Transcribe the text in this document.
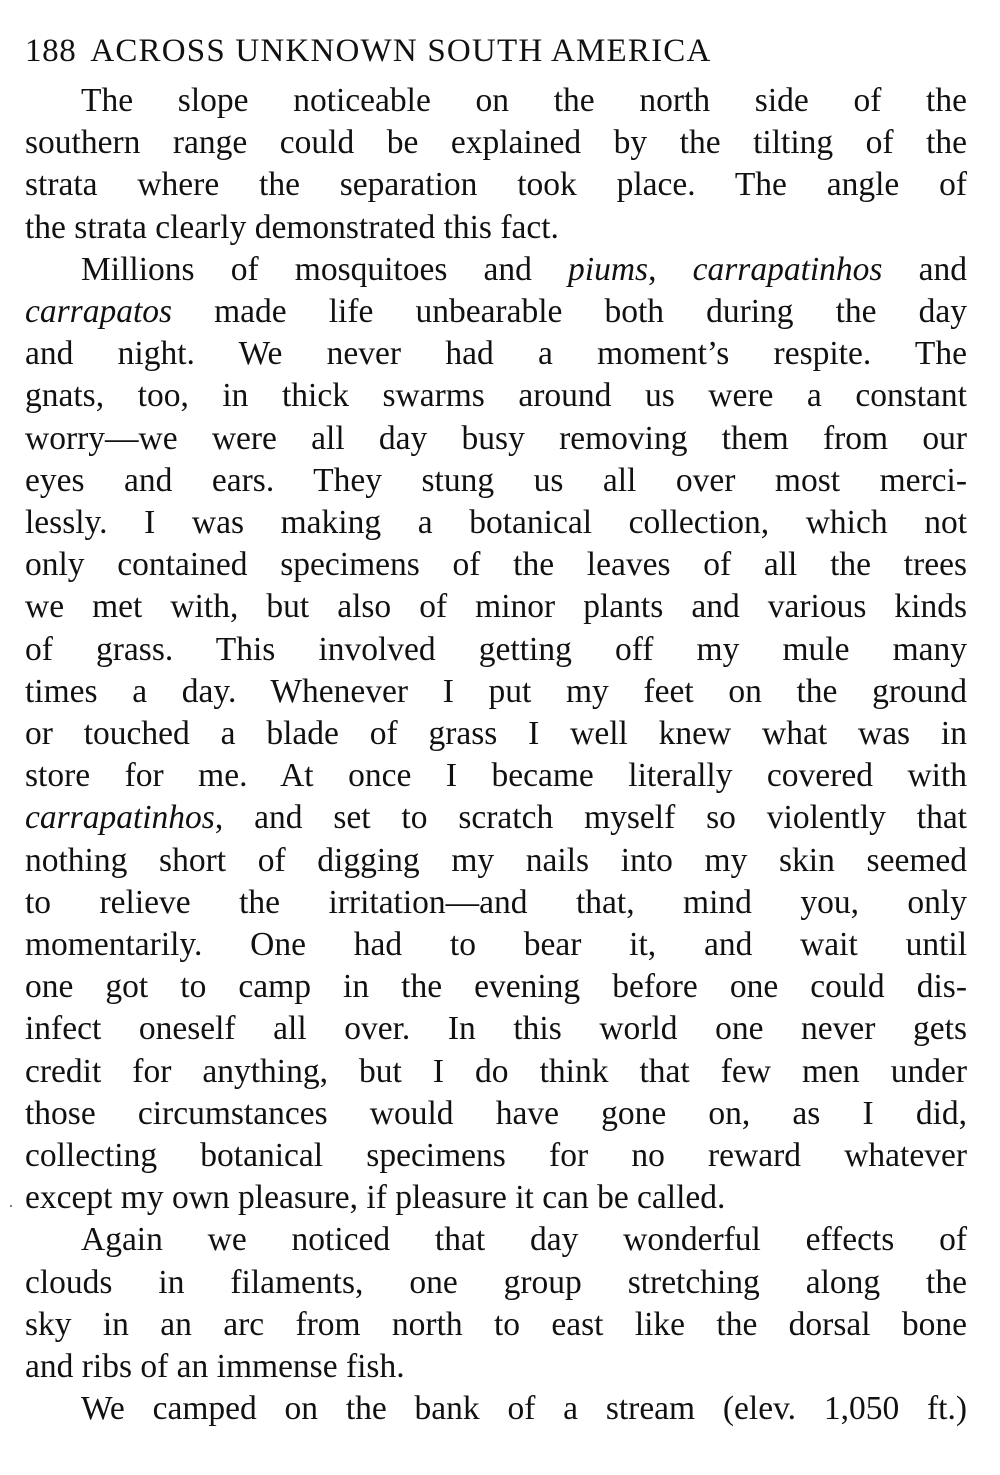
188 ACROSS UNKNOWN SOUTH AMERICA
The slope noticeable on the north side of the
southern range could be explained by the tilting of the
strata where the separation took place. The angle of
the strata clearly demonstrated this fact.
Millions of mosquitoes and piums, carrapatinhos and
carrapatos made life unbearable both during the day
and night. We never had a moment’s respite. The
gnats, too, in thick swarms around us were a constant
worry—we were all day busy removing them from our
eyes and ears. They stung us all over most merci-
lessly. I was making a botanical collection, which not
only contained specimens of the leaves of all the trees
we met with, but also of minor plants and various kinds
of grass. This involved getting off my mule many
times a day. Whenever I put my feet on the ground
or touched a blade of grass I well knew what was in
store for me. At once I became literally covered with
carrapatinhos, and set to scratch myself so violently that
nothing short of digging my nails into my skin seemed
to relieve the irritation—and that, mind you, only
momentarily. One had to bear it, and wait until
one got to camp in the evening before one could dis-
infect oneself all over. In this world one never gets
credit for anything, but I do think that few men under
those circumstances would have gone on, as I did,
collecting botanical specimens for no reward whatever
except my own pleasure, if pleasure it can be called.
Again we noticed that day wonderful effects of
clouds in filaments, one group stretching along the
sky in an arc from north to east like the dorsal bone
and ribs of an immense fish.
We camped on the bank of a stream (elev. 1,050 ft.)
